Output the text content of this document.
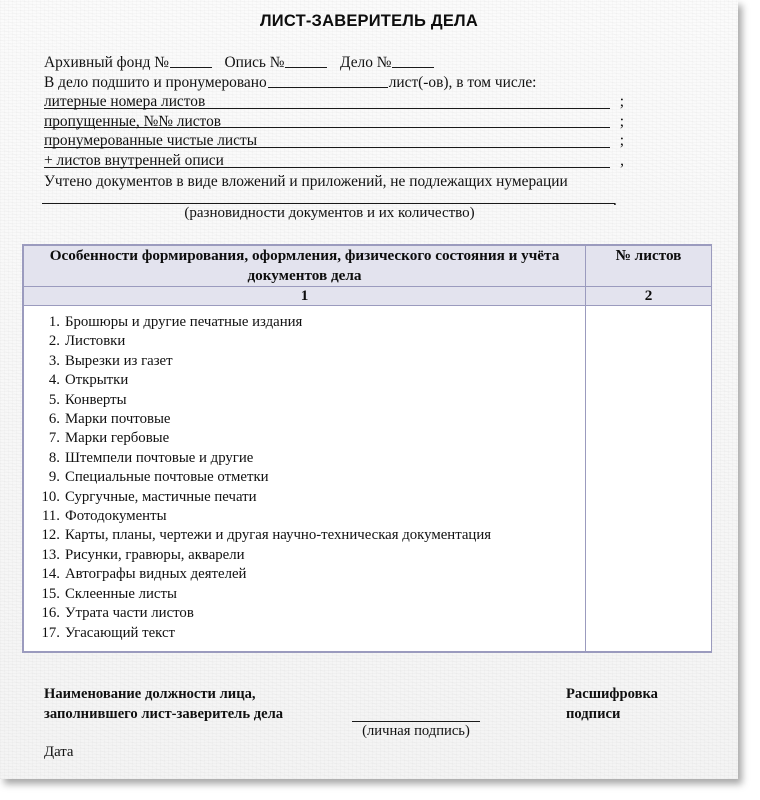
ЛИСТ-ЗАВЕРИТЕЛЬ ДЕЛА
Архивный фонд №	Опись №	Дело №
В дело подшито и пронумеровано	лист(-ов), в том числе:
литерные номера листов	;
пропущенные, №№ листов	;
пронумерованные чистые листы	;
+ листов внутренней описи	,
Учтено документов в виде вложений и приложений, не подлежащих нумерации
.
(разновидности документов и их количество)
Особенности формирования, оформления, физического состояния и учёта документов дела	№ листов
1	2

1. Брошюры и другие печатные издания
2. Листовки
3. Вырезки из газет
4. Открытки
5. Конверты
6. Марки почтовые
7. Марки гербовые
8. Штемпели почтовые и другие
9. Специальные почтовые отметки
10. Сургучные, мастичные печати
11. Фотодокументы
12. Карты, планы, чертежи и другая научно-техническая документация
13. Рисунки, гравюры, акварели
14. Автографы видных деятелей
15. Склеенные листы
16. Утрата части листов
17. Угасающий текст

Наименование должности лица,
заполнившего лист-заверитель дела
(личная подпись)
Расшифровка
подписи
Дата
